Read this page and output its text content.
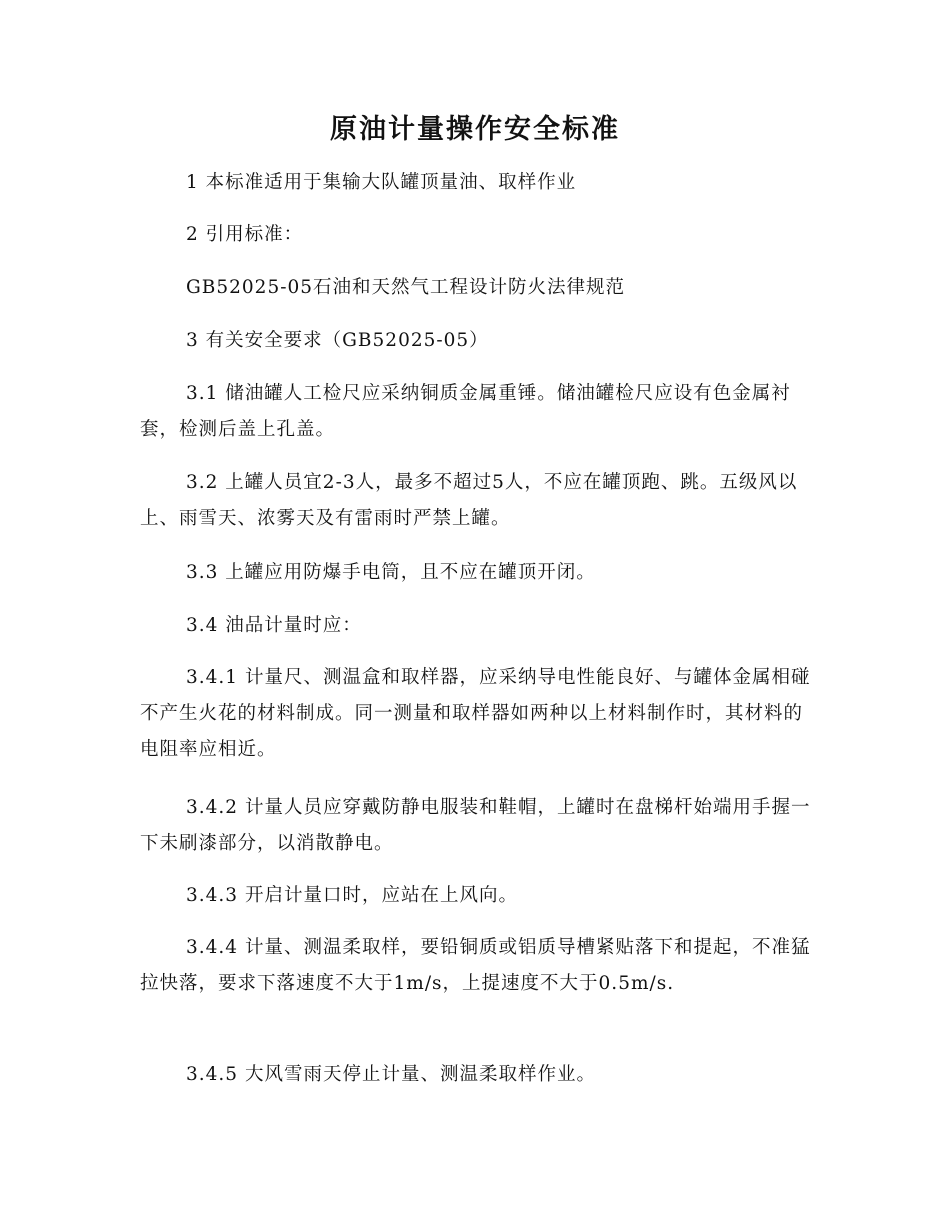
原油计量操作安全标准

1 本标准适用于集输大队罐顶量油、取样作业

2 引用标准：

GB52025-05石油和天然气工程设计防火法律规范

3 有关安全要求（GB52025-05）

3.1 储油罐人工检尺应采纳铜质金属重锤。储油罐检尺应设有色金属衬套，检测后盖上孔盖。

3.2 上罐人员宜2-3人，最多不超过5人，不应在罐顶跑、跳。五级风以上、雨雪天、浓雾天及有雷雨时严禁上罐。

3.3 上罐应用防爆手电筒，且不应在罐顶开闭。

3.4 油品计量时应：

3.4.1 计量尺、测温盒和取样器，应采纳导电性能良好、与罐体金属相碰不产生火花的材料制成。同一测量和取样器如两种以上材料制作时，其材料的电阻率应相近。

3.4.2 计量人员应穿戴防静电服装和鞋帽，上罐时在盘梯杆始端用手握一下未刷漆部分，以消散静电。

3.4.3 开启计量口时，应站在上风向。

3.4.4 计量、测温柔取样，要铅铜质或铝质导槽紧贴落下和提起，不准猛拉快落，要求下落速度不大于1m/s，上提速度不大于0.5m/s.

3.4.5 大风雪雨天停止计量、测温柔取样作业。
